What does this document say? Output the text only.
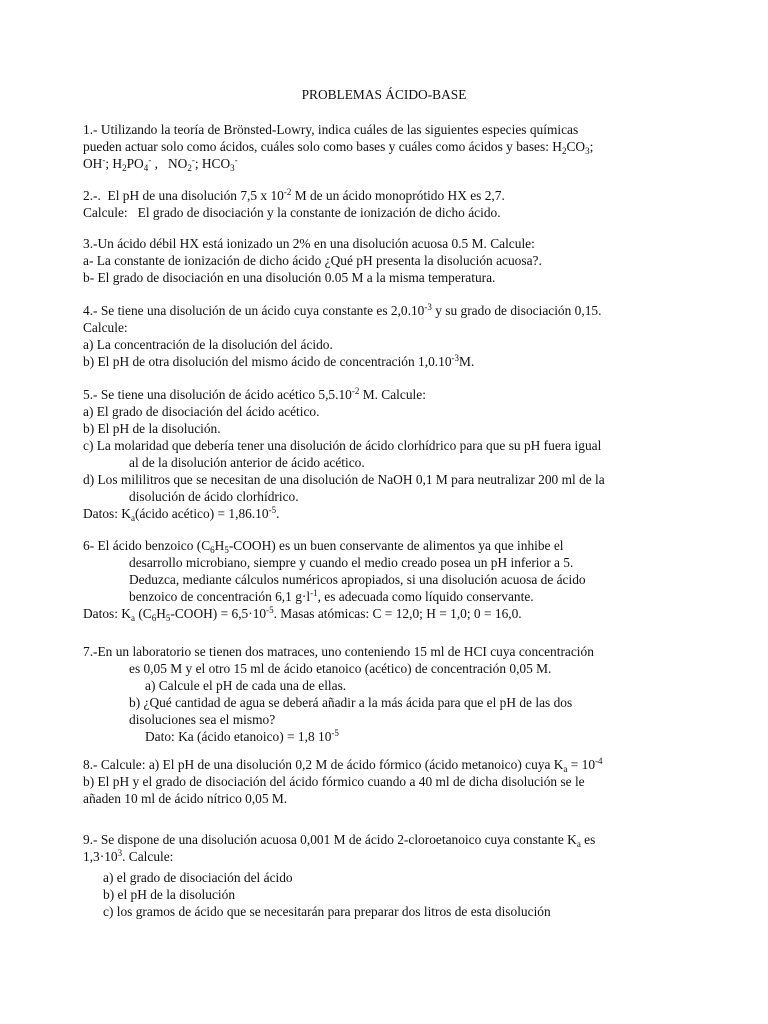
PROBLEMAS ÁCIDO-BASE
1.- Utilizando la teoría de Brönsted-Lowry, indica cuáles de las siguientes especies químicas
pueden actuar solo como ácidos, cuáles solo como bases y cuáles como ácidos y bases: $H_2CO_3$;
OH-; $H_2PO_4^-$ ,   $NO_2^-$; $HCO_3^-$
2.-.  El pH de una disolución 7,5 x $10^{-2}$ M de un ácido monoprótido HX es 2,7.
Calcule:   El grado de disociación y la constante de ionización de dicho ácido.
3.-Un ácido débil HX está ionizado un 2% en una disolución acuosa 0.5 M. Calcule:
a- La constante de ionización de dicho ácido ¿Qué pH presenta la disolución acuosa?.
b- El grado de disociación en una disolución 0.05 M a la misma temperatura.
4.- Se tiene una disolución de un ácido cuya constante es $2,0.10^{-3}$ y su grado de disociación 0,15.
Calcule:
a) La concentración de la disolución del ácido.
b) El pH de otra disolución del mismo ácido de concentración $1,0.10^{-3}M$.
5.- Se tiene una disolución de ácido acético $5,5.10^{-2}$ M. Calcule:
a) El grado de disociación del ácido acético.
b) El pH de la disolución.
c) La molaridad que debería tener una disolución de ácido clorhídrico para que su pH fuera igual
al de la disolución anterior de ácido acético.
d) Los mililitros que se necesitan de una disolución de NaOH 0,1 M para neutralizar 200 ml de la
disolución de ácido clorhídrico.
Datos: $K_a(ácido$ acético) = $1,86.10^{-5}$.
6- El ácido benzoico $(C_6H_5-COOH)$ es un buen conservante de alimentos ya que inhibe el
desarrollo microbiano, siempre y cuando el medio creado posea un pH inferior a 5.
Deduzca, mediante cálculos numéricos apropiados, si una disolución acuosa de ácido
benzoico de concentración 6,1 $g\cdot l^{-1}$, es adecuada como líquido conservante.
Datos: $K_a$ $(C_6H_5-COOH) = 6,5\cdot 10^{-5}$. Masas atómicas: C = 12,0; H = 1,0; 0 = 16,0.
7.-En un laboratorio se tienen dos matraces, uno conteniendo 15 ml de HCI cuya concentración
es 0,05 M y el otro 15 ml de ácido etanoico (acético) de concentración 0,05 M.
a) Calcule el pH de cada una de ellas.
b) ¿Qué cantidad de agua se deberá añadir a la más ácida para que el pH de las dos
disoluciones sea el mismo?
Dato: Ka (ácido etanoico) = 1,8 $10^{-5}$
8.- Calcule: a) El pH de una disolución 0,2 M de ácido fórmico (ácido metanoico) cuya $K_a = 10^{-4}$
b) El pH y el grado de disociación del ácido fórmico cuando a 40 ml de dicha disolución se le
añaden 10 ml de ácido nítrico 0,05 M.
9.- Se dispone de una disolución acuosa 0,001 M de ácido 2-cloroetanoico cuya constante $K_a$ es
$1,3\cdot 10^3$. Calcule:
a) el grado de disociación del ácido
b) el pH de la disolución
c) los gramos de ácido que se necesitarán para preparar dos litros de esta disolución
